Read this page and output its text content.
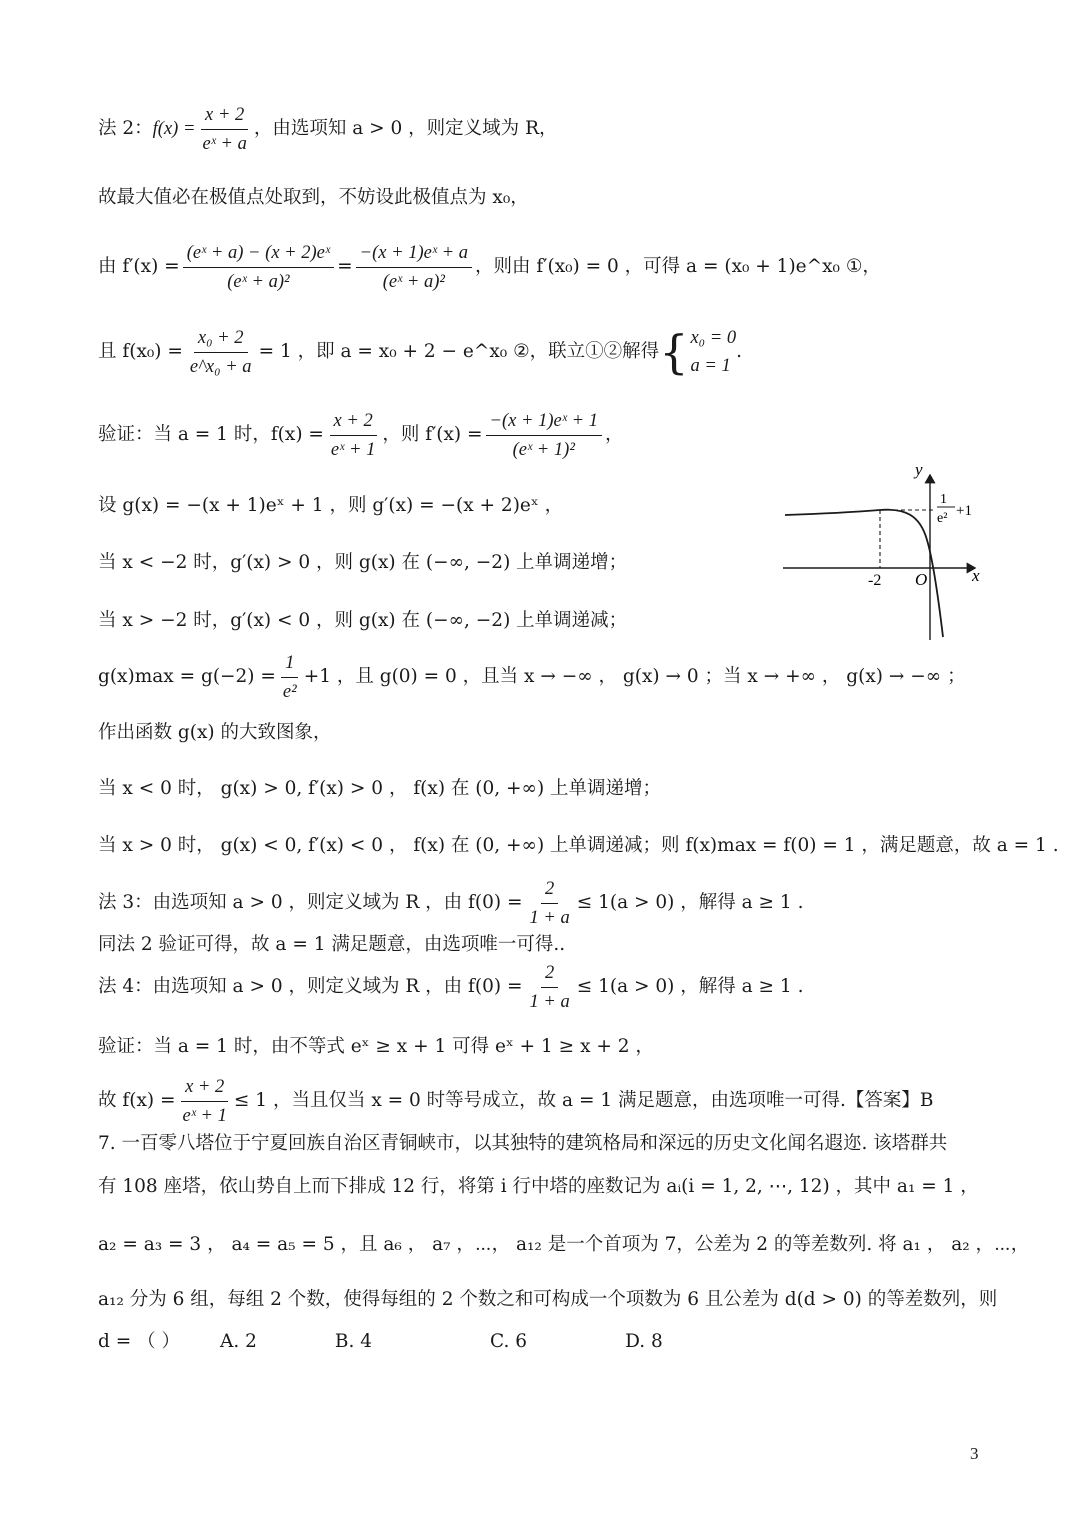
法 2： $f(x) = \frac{x + 2}{\text{eˣ + a}}$ ，由选项知 a > 0 ，则定义域为 R，
故最大值必在极值点处取到，不妨设此极值点为 x₀，
由 $f'(x) = \frac{\text{(eˣ + a) − (x + 2)eˣ}}{\text{(eˣ + a)²}} = \frac{\text{−(x + 1)eˣ + a}}{\text{(eˣ + a)²}}$ ，则由 f′(x₀) = 0 ，可得 a = (x₀ + 1)e^x₀ ①，
且 $f(x_0) = \frac{\text{x₀ + 2}}{\text{e\textasciicircum{}x₀ + a}} = 1$ ，即 a = x₀ + 2 − e^x₀ ②，联立①②解得 { x₀ = 0
a = 1
.
验证：当 a = 1 时，$f(x) = \frac{x + 2}{\text{eˣ + 1}}$ ，则 $f'(x) = \frac{\text{−(x + 1)eˣ + 1}}{\text{(eˣ + 1)²}}$ ，
设 g(x) = −(x + 1)eˣ + 1 ，则 g′(x) = −(x + 2)eˣ ，
当 x < −2 时，g′(x) > 0 ，则 g(x) 在 (−∞, −2) 上单调递增；
当 x > −2 时，g′(x) < 0 ，则 g(x) 在 (−∞, −2) 上单调递减；
$g(x)\max = g(-2) = \frac{1}{\text{e²}} +1$ ，且 g(0) = 0 ，且当 x → −∞ ， g(x) → 0 ；当 x → +∞ ， g(x) → −∞ ；
作出函数 g(x) 的大致图象，
当 x < 0 时， g(x) > 0, f′(x) > 0 ， f(x) 在 (0, +∞) 上单调递增；
当 x > 0 时， g(x) < 0, f′(x) < 0 ， f(x) 在 (0, +∞) 上单调递减；则 f(x)max = f(0) = 1 ，满足题意，故 a = 1 .
法 3：由选项知 a > 0 ，则定义域为 R ，由 $f(0) = \frac{2}{1 + a} \le 1(a > 0)$ ，解得 a ≥ 1 .
同法 2 验证可得，故 a = 1 满足题意，由选项唯一可得..
法 4：由选项知 a > 0 ，则定义域为 R ，由 $f(0) = \frac{2}{1 + a} \le 1(a > 0)$ ，解得 a ≥ 1 .
验证：当 a = 1 时，由不等式 eˣ ≥ x + 1 可得 eˣ + 1 ≥ x + 2 ，
故 $f(x) = \frac{x + 2}{\text{eˣ + 1}} \le 1$ ，当且仅当 x = 0 时等号成立，故 a = 1 满足题意，由选项唯一可得.【答案】B
7. 一百零八塔位于宁夏回族自治区青铜峡市，以其独特的建筑格局和深远的历史文化闻名遐迩. 该塔群共
有 108 座塔，依山势自上而下排成 12 行，将第 i 行中塔的座数记为 aᵢ(i = 1, 2, ⋯, 12) ，其中 a₁ = 1 ，
a₂ = a₃ = 3 ， a₄ = a₅ = 5 ，且 a₆ ， a₇ ，⋯， a₁₂ 是一个首项为 7，公差为 2 的等差数列. 将 a₁ ， a₂ ，⋯，
a₁₂ 分为 6 组，每组 2 个数，使得每组的 2 个数之和可构成一个项数为 6 且公差为 d(d > 0) 的等差数列，则
d = （ ） A. 2	B. 4	C. 6	D. 8
y
x
O
-2
1
e² +1
3
